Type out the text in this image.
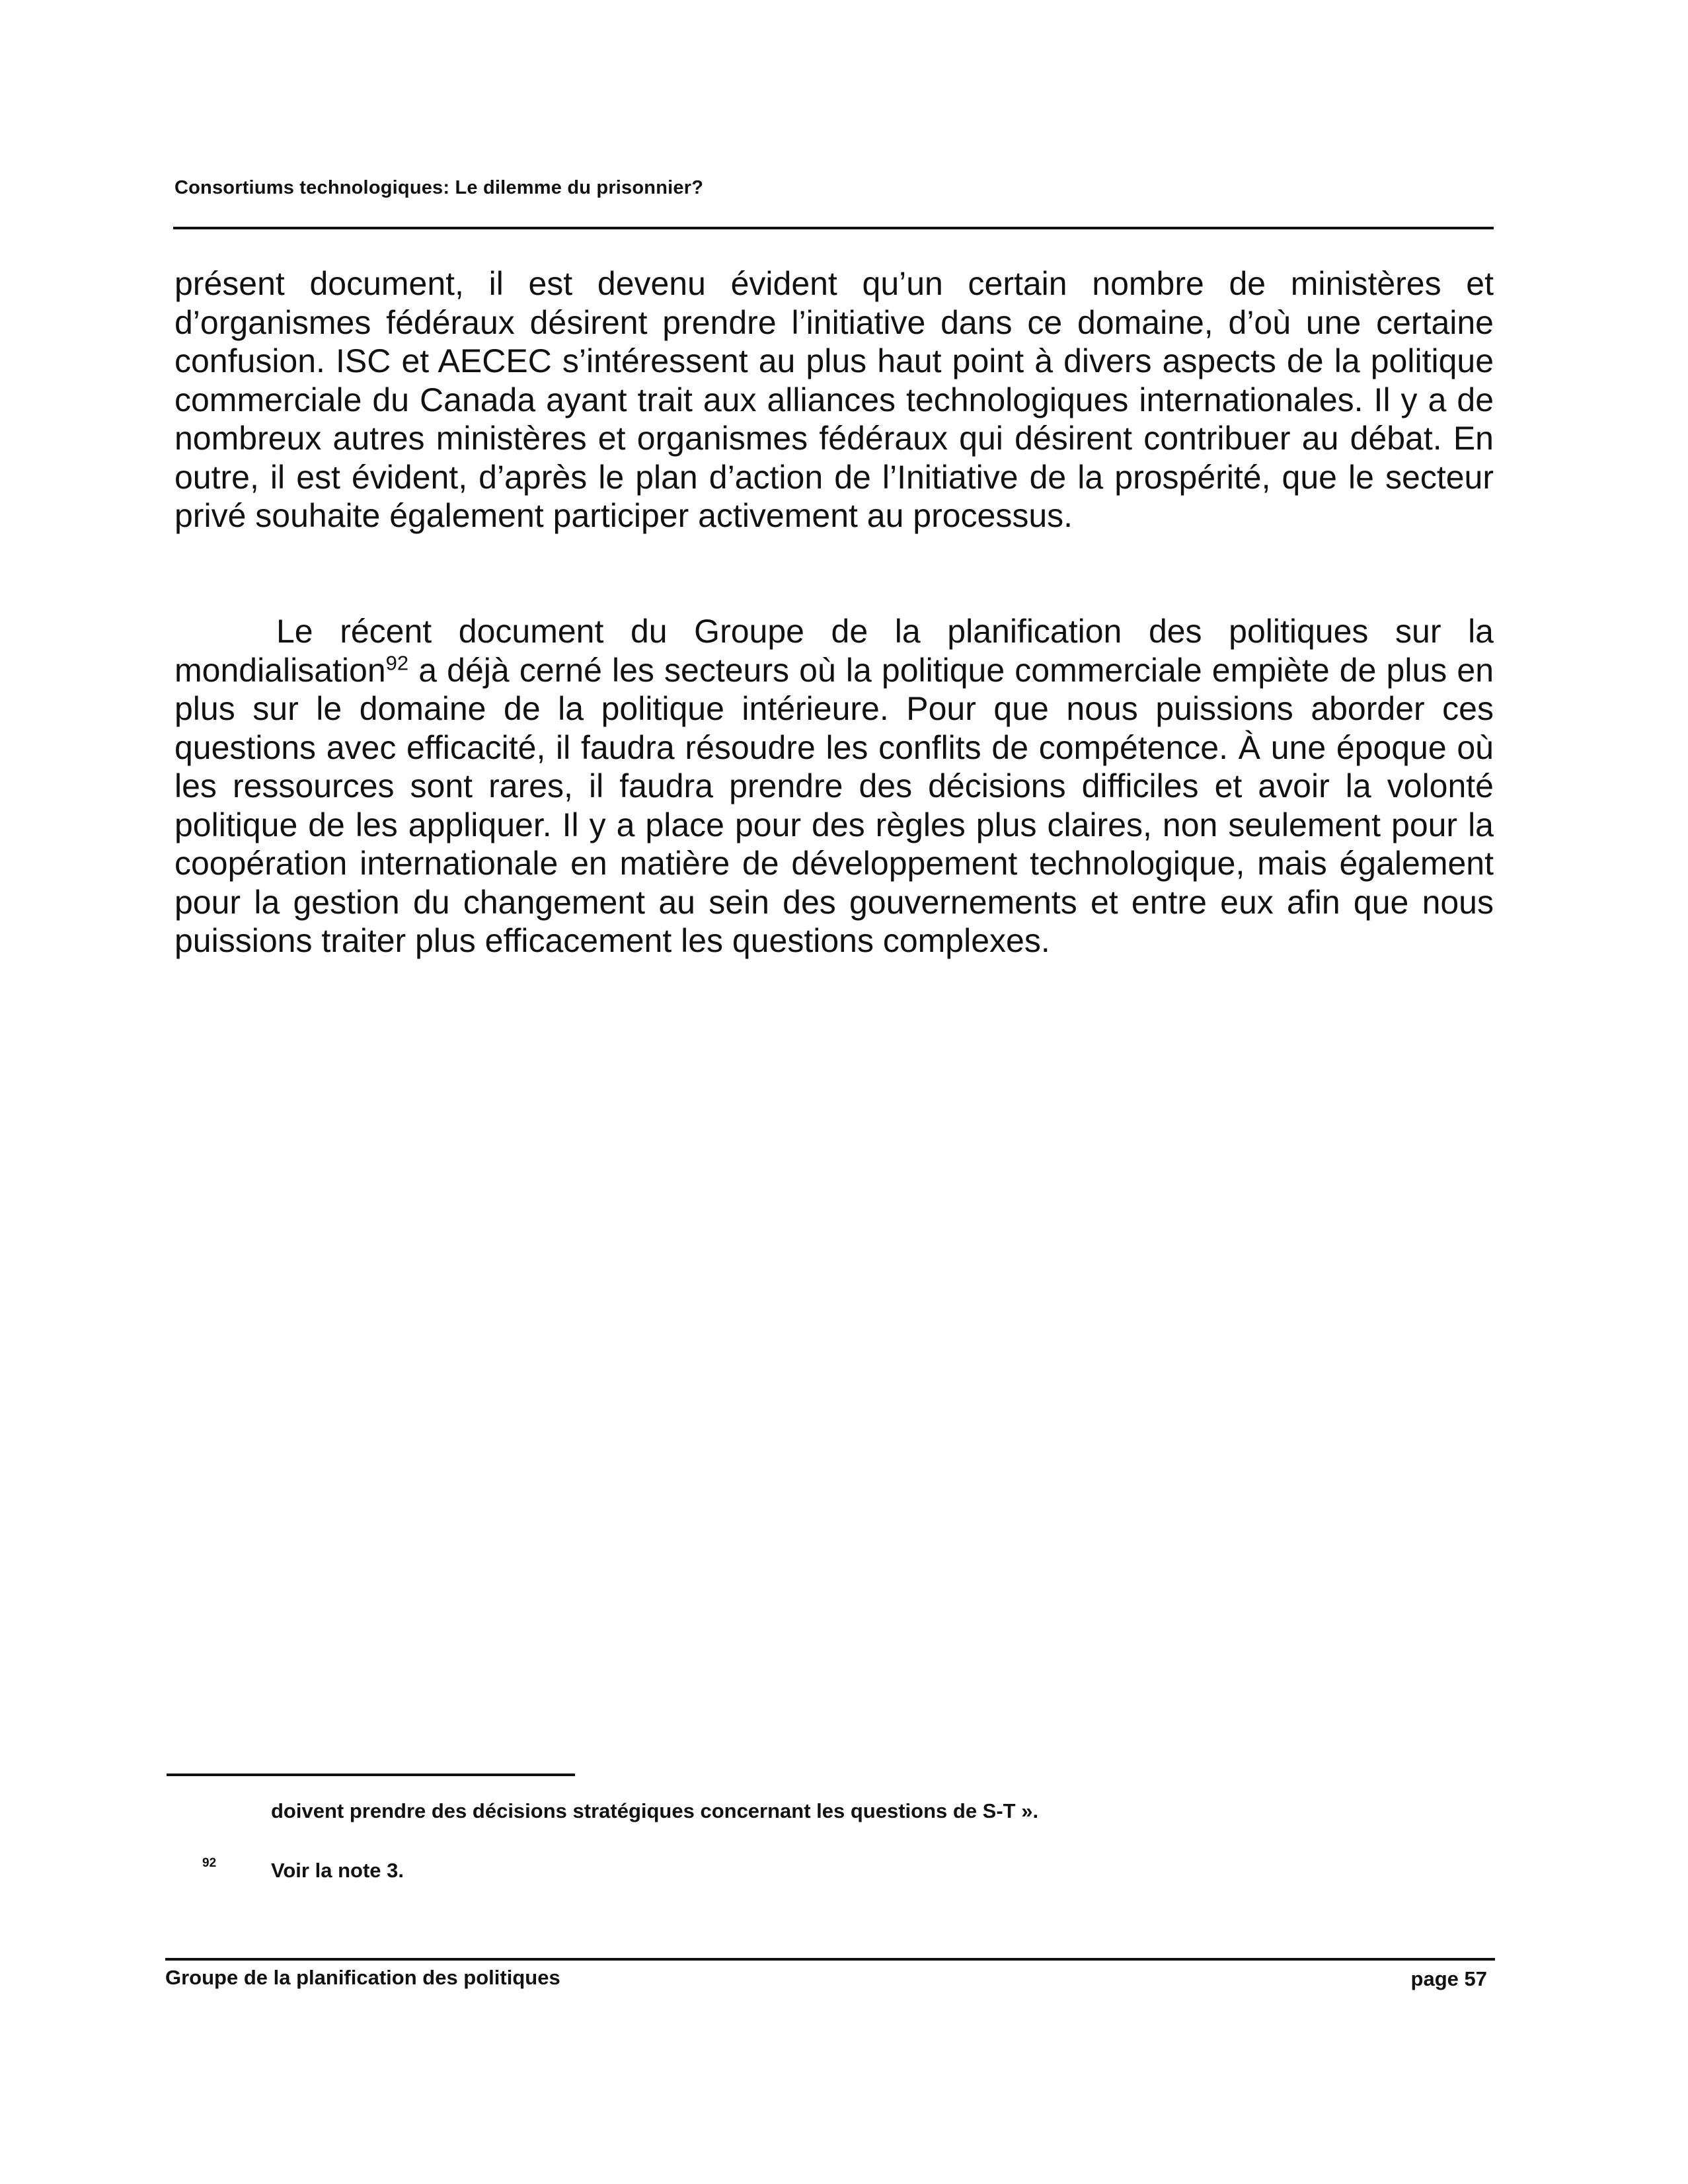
Consortiums technologiques: Le dilemme du prisonnier?

présent document, il est devenu évident qu’un certain nombre de ministères et d’organismes fédéraux désirent prendre l’initiative dans ce domaine, d’où une certaine confusion. ISC et AECEC s’intéressent au plus haut point à divers aspects de la politique commerciale du Canada ayant trait aux alliances technologiques internationales. Il y a de nombreux autres ministères et organismes fédéraux qui désirent contribuer au débat. En outre, il est évident, d’après le plan d’action de l’Initiative de la prospérité, que le secteur privé souhaite également participer activement au processus.

Le récent document du Groupe de la planification des politiques sur la mondialisation$^{92}$ a déjà cerné les secteurs où la politique commerciale empiète de plus en plus sur le domaine de la politique intérieure. Pour que nous puissions aborder ces questions avec efficacité, il faudra résoudre les conflits de compétence. À une époque où les ressources sont rares, il faudra prendre des décisions difficiles et avoir la volonté politique de les appliquer. Il y a place pour des règles plus claires, non seulement pour la coopération internationale en matière de développement technologique, mais également pour la gestion du changement au sein des gouvernements et entre eux afin que nous puissions traiter plus efficacement les questions complexes.

doivent prendre des décisions stratégiques concernant les questions de S-T ».
92	Voir la note 3.
Groupe de la planification des politiques	page 57
